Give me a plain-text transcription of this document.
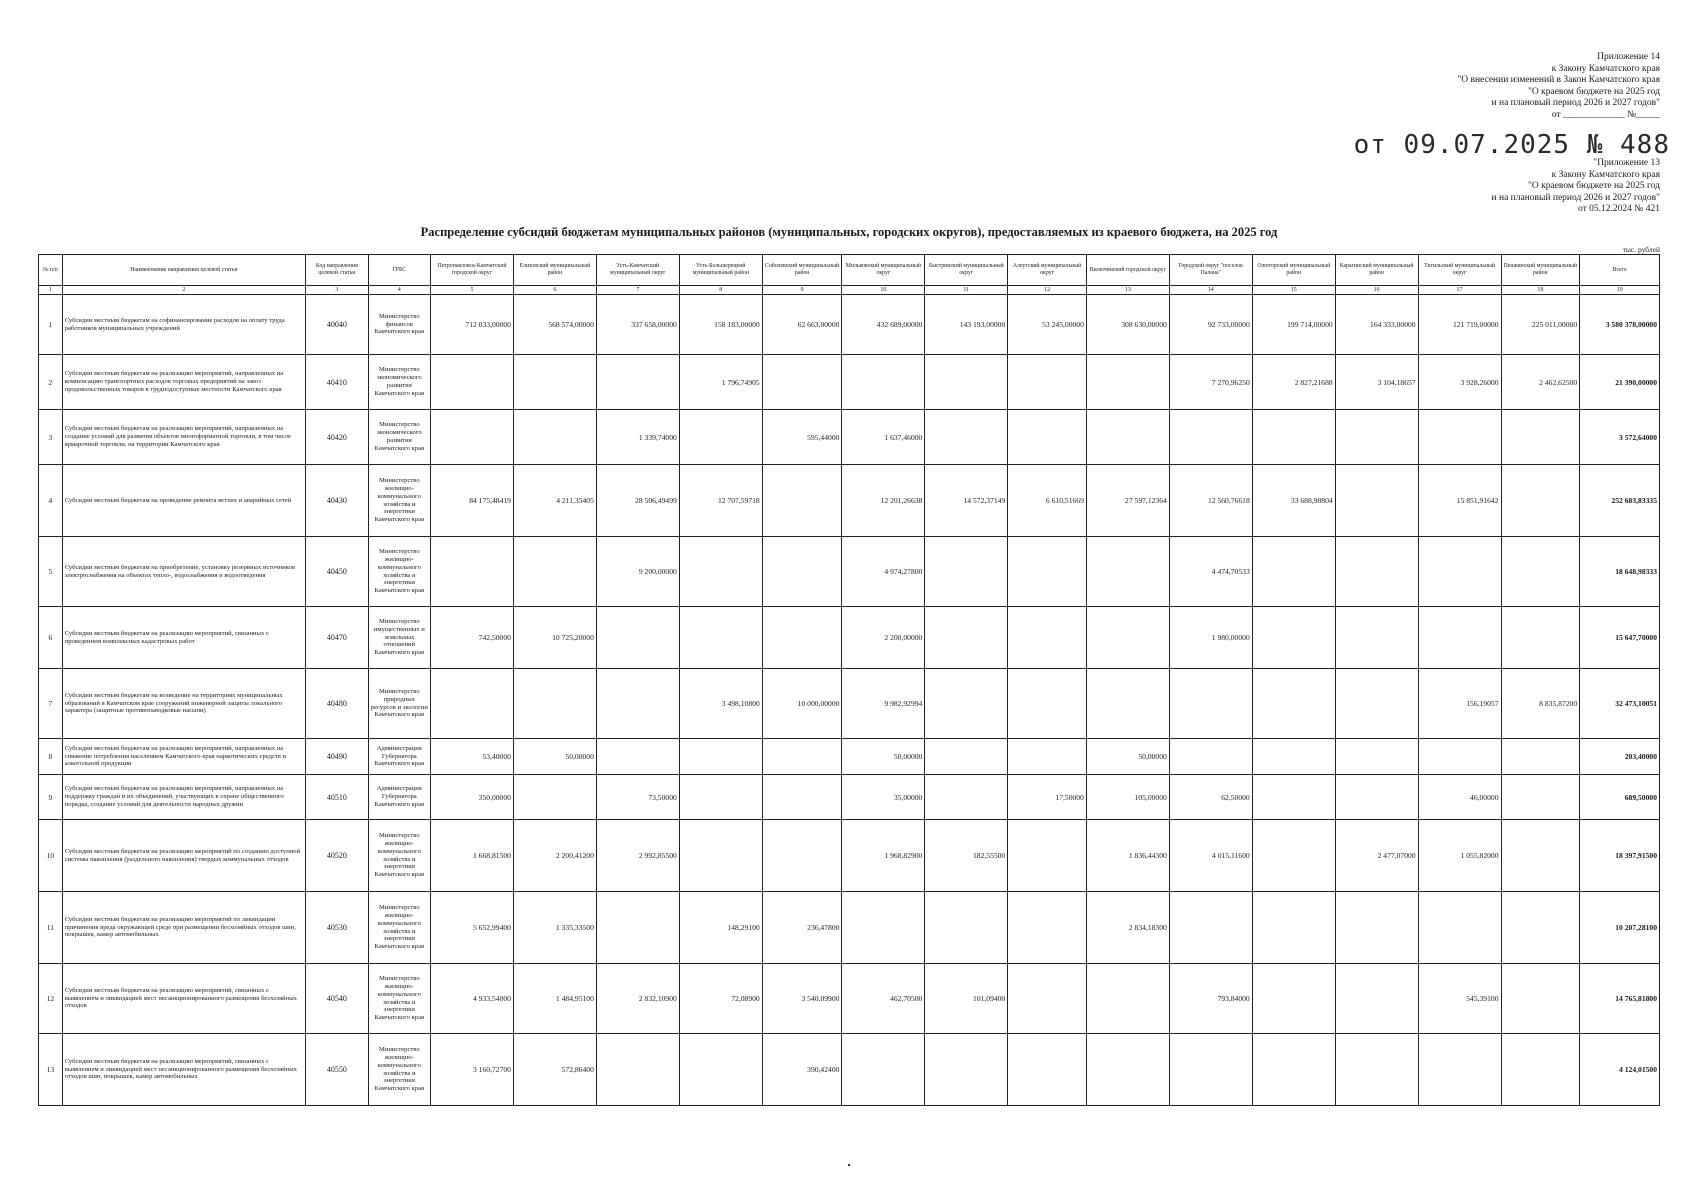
Приложение 14
к Закону Камчатского края
"О внесении изменений в Закон Камчатского края
"О краевом бюджете на 2025 год
и на плановый период 2026 и 2027 годов"
от _____________ №_____
от 09.07.2025 № 488
"Приложение 13
к Закону Камчатского края
"О краевом бюджете на 2025 год
и на плановый период 2026 и 2027 годов"
от 05.12.2024 № 421
Распределение субсидий бюджетам муниципальных районов (муниципальных, городских округов), предоставляемых из краевого бюджета, на 2025 год
тыс. рублей
№ п/п	Наименование направления целевой статьи	Код направления целевой статьи	ГРБС	Петропавловск-Камчатский городской округ	Елизовский муниципальный район	Усть-Камчатский муниципальный округ	Усть-Большерецкий муниципальный район	Соболевский муниципальный район	Мильковский муниципальный округ	Быстринский муниципальный округ	Алеутский муниципальный округ	Вилючинский городской округ	Городской округ "поселок Палана"	Олюторский муниципальный район	Карагинский муниципальный район	Тигильский муниципальный округ	Пенжинский муниципальный район	Всего
1	2	3	4	5	6	7	8	9	10	11	12	13	14	15	16	17	18	19
1	Субсидии местным бюджетам на софинансирование расходов на оплату труда работников муниципальных учреждений	40040	Министерство финансов Камчатского края	712 033,00000	568 574,00000	337 658,00000	158 183,00000	62 663,00000	432 689,00000	143 193,00000	53 245,00000	308 630,00000	92 733,00000	199 714,00000	164 333,00000	121 719,00000	225 011,00000	3 580 378,00000
2	Субсидии местным бюджетам на реализацию мероприятий, направленных на компенсацию транспортных расходов торговых предприятий на завоз продовольственных товаров в труднодоступные местности Камчатского края	40410	Министерство экономического развития Камчатского края				1 796,74905						7 270,96250	2 827,21688	3 104,18657	3 928,26000	2 462,62500	21 390,00000
3	Субсидии местным бюджетам на реализацию мероприятий, направленных на создание условий для развития объектов многоформатной торговли, в том числе ярмарочной торговли, на территории Камчатского края	40420	Министерство экономического развития Камчатского края			1 339,74000		595,44000	1 637,46000									3 572,64000
4	Субсидии местным бюджетам на проведение ремонта ветхих и аварийных сетей	40430	Министерство жилищно-коммунального хозяйства и энергетики Камчатского края	84 175,48419	4 211,35405	28 506,49499	12 707,59718		12 201,26638	14 572,37149	6 610,51669	27 597,12364	12 560,76618	33 688,98804		15 851,91642		252 683,83335
5	Субсидии местным бюджетам на приобретение, установку резервных источников электроснабжения на объектах тепло-, водоснабжения и водоотведения	40450	Министерство жилищно-коммунального хозяйства и энергетики Камчатского края			9 200,00000			4 974,27800				4 474,70533					18 648,98333
6	Субсидии местным бюджетам на реализацию мероприятий, связанных с проведением комплексных кадастровых работ	40470	Министерство имущественных и земельных отношений Камчатского края	742,50000	10 725,20000				2 200,00000				1 980,00000					15 647,70000
7	Субсидии местным бюджетам на возведение на территориях муниципальных образований в Камчатском крае сооружений инженерной защиты локального характера (защитные противопаводковые насыпи)	40480	Министерство природных ресурсов и экологии Камчатского края				3 498,10800	10 000,00000	9 982,92994							156,19057	8 835,87200	32 473,10051
8	Субсидии местным бюджетам на реализацию мероприятий, направленных на снижение потребления населением Камчатского края наркотических средств и алкогольной продукции	40490	Администрация Губернатора Камчатского края	53,40000	50,00000				50,00000			50,00000						203,40000
9	Субсидии местным бюджетам на реализацию мероприятий, направленных на поддержку граждан и их объединений, участвующих в охране общественного порядка, создание условий для деятельности народных дружин	40510	Администрация Губернатора Камчатского края	350,00000		73,50000			35,00000		17,50000	105,00000	62,50000			46,00000		689,50000
10	Субсидии местным бюджетам на реализацию мероприятий по созданию доступной системы накопления (раздельного накопления) твердых коммунальных отходов	40520	Министерство жилищно-коммунального хозяйства и энергетики Камчатского края	1 668,81500	2 200,41200	2 992,85500			1 968,82900	182,55500		1 836,44300	4 015,11600		2 477,07000	1 055,82000		18 397,91500
11	Субсидии местным бюджетам на реализацию мероприятий по ликвидации причинения вреда окружающей среде при размещении бесхозяйных отходов шин, покрышек, камер автомобильных	40530	Министерство жилищно-коммунального хозяйства и энергетики Камчатского края	5 652,99400	1 335,33500		148,29100	236,47800				2 834,18300						10 207,28100
12	Субсидии местным бюджетам на реализацию мероприятий, связанных с выявлением и ликвидацией мест несанкционированного размещения бесхозяйных отходов	40540	Министерство жилищно-коммунального хозяйства и энергетики Камчатского края	4 933,54000	1 484,95100	2 832,10900	72,08900	3 540,09900	462,70500	101,09400			793,84000			545,39100		14 765,81800
13	Субсидии местным бюджетам на реализацию мероприятий, связанных с выявлением и ликвидацией мест несанкционированного размещения бесхозяйных отходов шин, покрышек, камер автомобильных	40550	Министерство жилищно-коммунального хозяйства и энергетики Камчатского края	3 160,72700	572,86400			390,42400										4 124,01500
